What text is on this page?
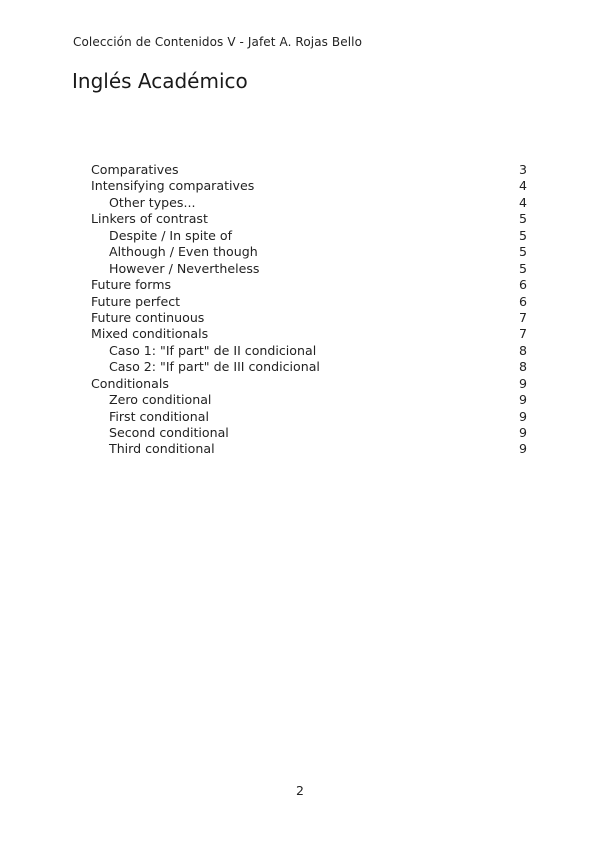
Colección de Contenidos V - Jafet A. Rojas Bello
Inglés Académico
Comparatives	3
Intensifying comparatives	4
Other types...	4
Linkers of contrast	5
Despite / In spite of	5
Although / Even though	5
However / Nevertheless	5
Future forms	6
Future perfect	6
Future continuous	7
Mixed conditionals	7
Caso 1: "If part" de II condicional	8
Caso 2: "If part" de III condicional	8
Conditionals	9
Zero conditional	9
First conditional	9
Second conditional	9
Third conditional	9
2
